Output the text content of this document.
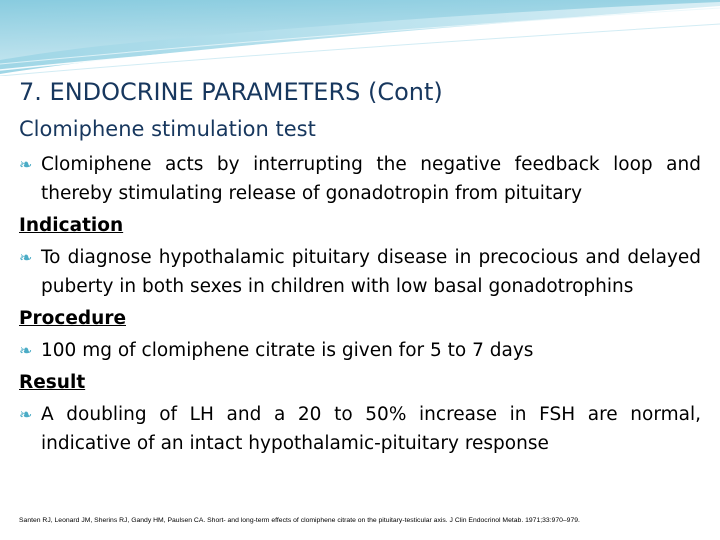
7. ENDOCRINE PARAMETERS (Cont)
Clomiphene stimulation test
❧ Clomiphene acts by interrupting the negative feedback loop and thereby stimulating release of gonadotropin from pituitary
Indication
❧ To diagnose hypothalamic pituitary disease in precocious and delayed puberty in both sexes in children with low basal gonadotrophins
Procedure
❧ 100 mg of clomiphene citrate is given for 5 to 7 days
Result
❧ A doubling of LH and a 20 to 50% increase in FSH are normal, indicative of an intact hypothalamic-pituitary response
Santen RJ, Leonard JM, Sherins RJ, Gandy HM, Paulsen CA. Short- and long-term effects of clomiphene citrate on the pituitary-testicular axis. J Clin Endocrinol Metab. 1971;33:970–979.
